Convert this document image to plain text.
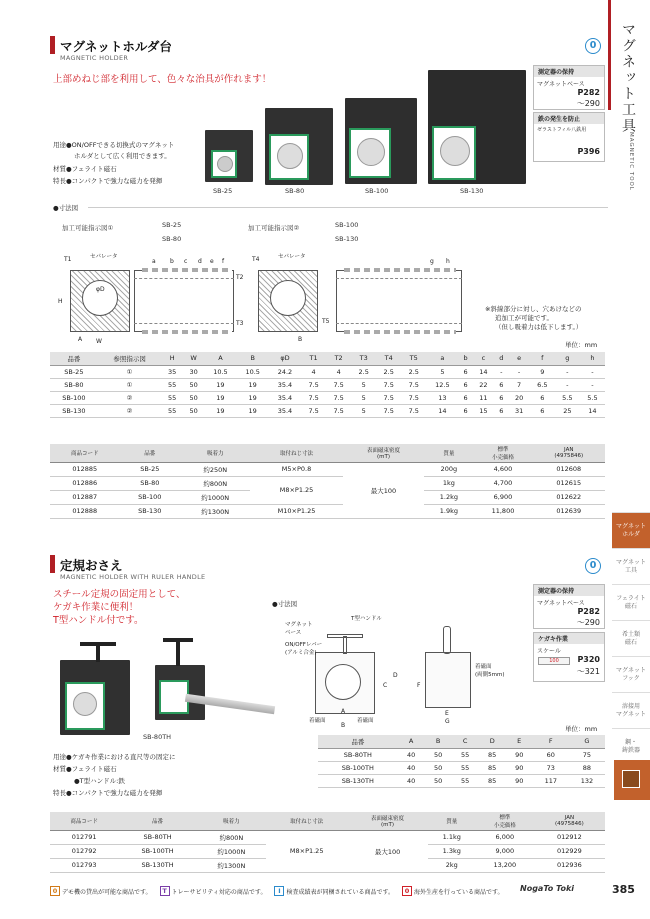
マグネットホルダ台
MAGNETIC HOLDER
0
上部めねじ部を利用して、色々な治具が作れます！
SB-25	SB-80	SB-100	SB-130
用途●ON/OFFできる切換式のマグネット
ホルダとして広く利用できます。
材質●フェライト磁石
特長●コンパクトで強力な磁力を発揮
測定器の保持
マグネットベース
P282
〜290
鉄の発生を防止
ゼラストフィル八鉄用
P396
●寸法図
加工可能指示図①	SB-25
SB-80
セパレータ
φD
W
H
A
T1	a b c d e f
T2
T3
加工可能指示図②	SB-100
SB-130
セパレータ
T4
B
T5
g h
※斜線部分に対し、穴あけなどの
追加工が可能です。
（但し吸着力は低下します。）
単位：mm
品番	参照指示図	H	W	A	B	φD	T1	T2	T3	T4	T5	a	b	c	d	e	f	g	h
SB-25	①	35	30	10.5	10.5	24.2	4	4	2.5	2.5	2.5	5	6	14	-	-	9	-	-
SB-80	①	55	50	19	19	35.4	7.5	7.5	5	7.5	7.5	12.5	6	22	6	7	6.5	-	-
SB-100	②	55	50	19	19	35.4	7.5	7.5	5	7.5	7.5	13	6	11	6	20	6	5.5	5.5
SB-130	②	55	50	19	19	35.4	7.5	7.5	5	7.5	7.5	14	6	15	6	31	6	25	14
商品コード	品番	吸着力	取付ねじ寸法	表面磁束密度
(mT)	質量	標準
小売価格	JAN
(4975846)
012885	SB-25	約250N	M5×P0.8	最大100	200g	4,600	012608
012886	SB-80	約800N	M8×P1.25		1kg	4,700	012615
012887	SB-100	約1000N			1.2kg	6,900	012622
012888	SB-130	約1300N	M10×P1.25		1.9kg	11,800	012639
定規おさえ
MAGNETIC HOLDER WITH RULER HANDLE
0
スチール定規の固定用として、
ケガキ作業に便利！
T型ハンドル付です。
SB-80TH
●寸法図
マグネット
ベース
T型ハンドル
ON/OFFレバー
(アルミ合金)
着磁面
(両側5mm)
着磁面	着磁面
A
B
C
D
E
F
G
測定器の保持
マグネットベース
P282
〜290
ケガキ作業
スケール
100	P320
〜321
単位：mm
品番	A	B	C	D	E	F	G
SB-80TH	40	50	55	85	90	60	75
SB-100TH	40	50	55	85	90	73	88
SB-130TH	40	50	55	85	90	117	132
用途●ケガキ作業における直尺等の固定に
材質●フェライト磁石
●T型ハンドル:鉄
特長●コンパクトで強力な磁力を発揮
商品コード	品番	吸着力	取付ねじ寸法	表面磁束密度
(mT)	質量	標準
小売価格	JAN
(4975846)
012791	SB-80TH	約800N	M8×P1.25	最大100	1.1kg	6,000	012912
012792	SB-100TH	約1000N			1.3kg	9,000	012929
012793	SB-130TH	約1300N			2kg	13,200	012936
0 デモ機の貸出が可能な商品です。	T トレーサビリティ対応の商品です。	I 検査成績表が同梱されている商品です。	0 海外生産を行っている商品です。 NogaTo Toki	385
マグネット工具
MAGNETIC TOOL
マグネット
ホルダ
マグネット
工具
フェライト
磁石
希土類
磁石
マグネット
フック
溶接用
マグネット
鋼・
鋳鉄器
